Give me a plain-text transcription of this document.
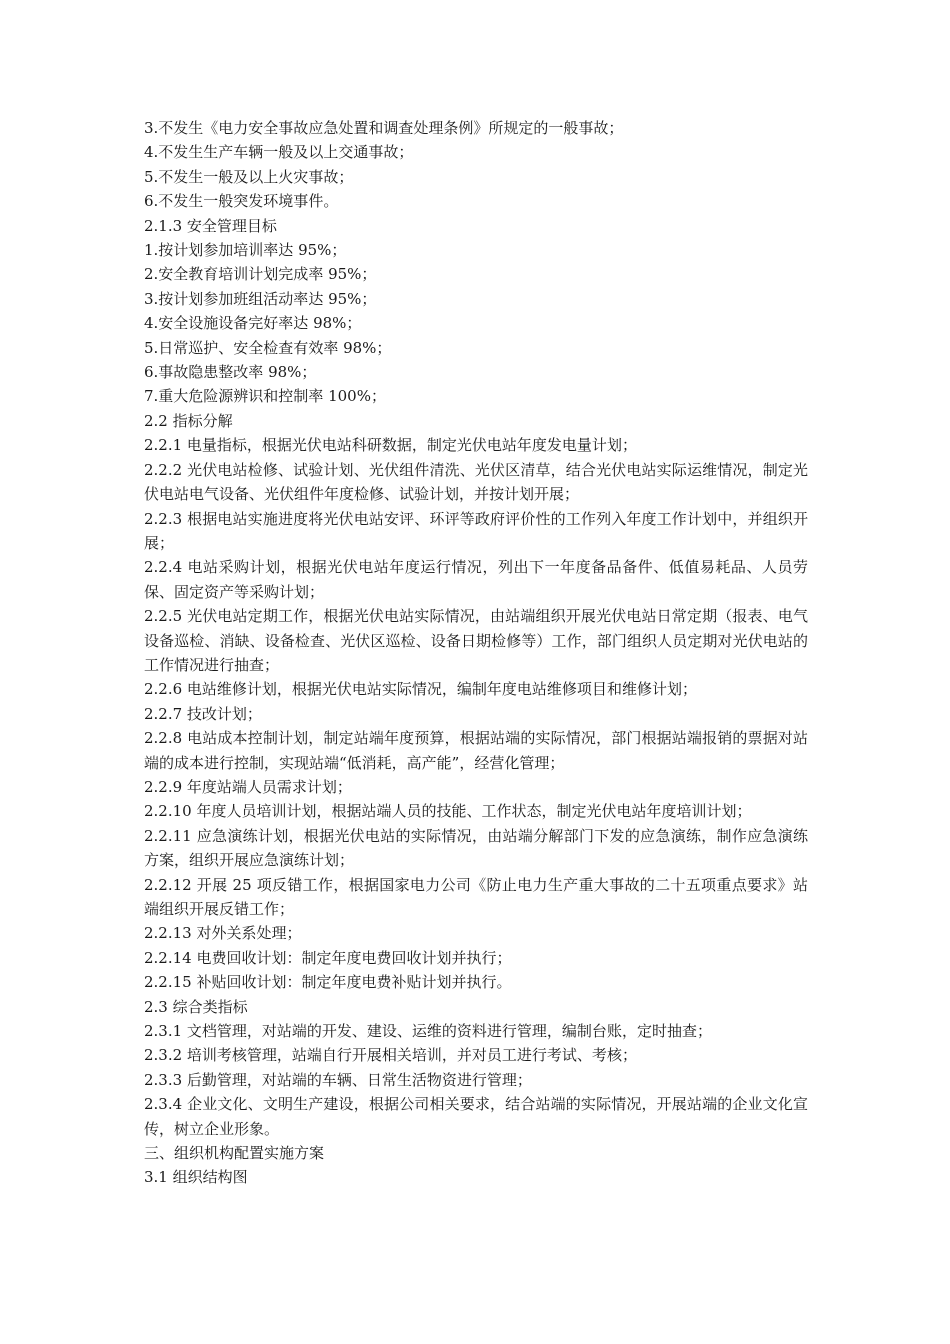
3.不发生《电力安全事故应急处置和调查处理条例》所规定的一般事故；

4.不发生生产车辆一般及以上交通事故；

5.不发生一般及以上火灾事故；

6.不发生一般突发环境事件。

2.1.3 安全管理目标

1.按计划参加培训率达 95%；

2.安全教育培训计划完成率 95%；

3.按计划参加班组活动率达 95%；

4.安全设施设备完好率达 98%；

5.日常巡护、安全检查有效率 98%；

6.事故隐患整改率 98%；

7.重大危险源辨识和控制率 100%；

2.2 指标分解

2.2.1 电量指标，根据光伏电站科研数据，制定光伏电站年度发电量计划；

2.2.2 光伏电站检修、试验计划、光伏组件清洗、光伏区清草，结合光伏电站实际运维情况，制定光伏电站电气设备、光伏组件年度检修、试验计划，并按计划开展；

2.2.3 根据电站实施进度将光伏电站安评、环评等政府评价性的工作列入年度工作计划中，并组织开展；

2.2.4 电站采购计划，根据光伏电站年度运行情况，列出下一年度备品备件、低值易耗品、人员劳保、固定资产等采购计划；

2.2.5 光伏电站定期工作，根据光伏电站实际情况，由站端组织开展光伏电站日常定期（报表、电气设备巡检、消缺、设备检查、光伏区巡检、设备日期检修等）工作，部门组织人员定期对光伏电站的工作情况进行抽查；

2.2.6 电站维修计划，根据光伏电站实际情况，编制年度电站维修项目和维修计划；

2.2.7 技改计划；

2.2.8 电站成本控制计划，制定站端年度预算，根据站端的实际情况，部门根据站端报销的票据对站端的成本进行控制，实现站端“低消耗，高产能”，经营化管理；

2.2.9 年度站端人员需求计划；

2.2.10 年度人员培训计划，根据站端人员的技能、工作状态，制定光伏电站年度培训计划；

2.2.11 应急演练计划，根据光伏电站的实际情况，由站端分解部门下发的应急演练，制作应急演练方案，组织开展应急演练计划；

2.2.12 开展 25 项反错工作，根据国家电力公司《防止电力生产重大事故的二十五项重点要求》站端组织开展反错工作；

2.2.13 对外关系处理；

2.2.14 电费回收计划：制定年度电费回收计划并执行；

2.2.15 补贴回收计划：制定年度电费补贴计划并执行。

2.3 综合类指标

2.3.1 文档管理，对站端的开发、建设、运维的资料进行管理，编制台账，定时抽查；

2.3.2 培训考核管理，站端自行开展相关培训，并对员工进行考试、考核；

2.3.3 后勤管理，对站端的车辆、日常生活物资进行管理；

2.3.4 企业文化、文明生产建设，根据公司相关要求，结合站端的实际情况，开展站端的企业文化宣传，树立企业形象。

三、组织机构配置实施方案

3.1 组织结构图
